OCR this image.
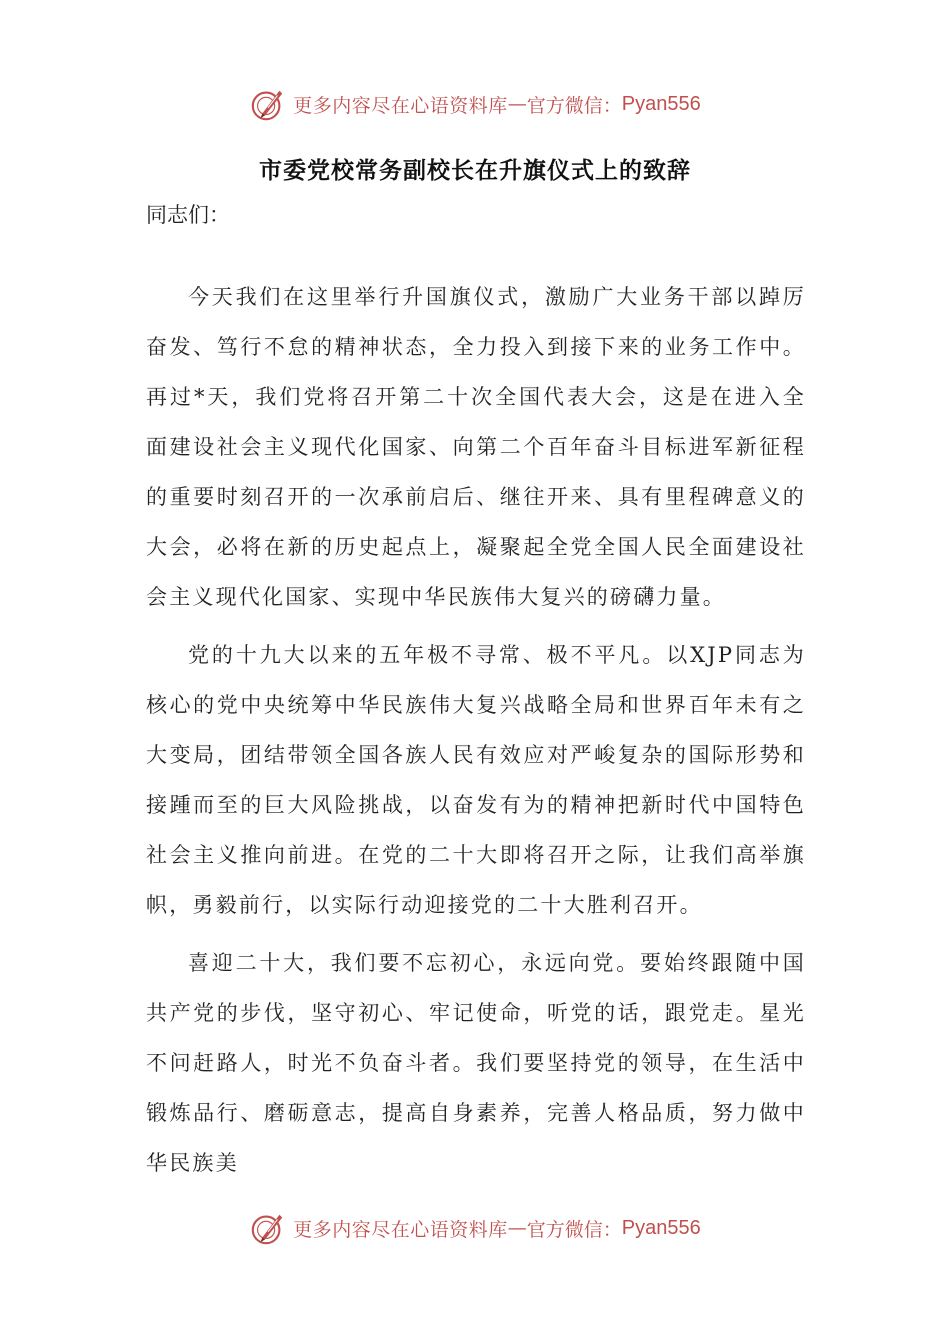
更多内容尽在心语资料库 — 官方微信： Pyan556
市委党校常务副校长在升旗仪式上的致辞
同志们：

今天我们在这里举行升国旗仪式，激励广大业务干部以踔厉奋发、笃行不怠的精神状态，全力投入到接下来的业务工作中。再过*天，我们党将召开第二十次全国代表大会，这是在进入全面建设社会主义现代化国家、向第二个百年奋斗目标进军新征程的重要时刻召开的一次承前启后、继往开来、具有里程碑意义的大会，必将在新的历史起点上，凝聚起全党全国人民全面建设社会主义现代化国家、实现中华民族伟大复兴的磅礴力量。

党的十九大以来的五年极不寻常、极不平凡。以XJP同志为核心的党中央统筹中华民族伟大复兴战略全局和世界百年未有之大变局，团结带领全国各族人民有效应对严峻复杂的国际形势和接踵而至的巨大风险挑战，以奋发有为的精神把新时代中国特色社会主义推向前进。在党的二十大即将召开之际，让我们高举旗帜，勇毅前行，以实际行动迎接党的二十大胜利召开。

喜迎二十大，我们要不忘初心，永远向党。要始终跟随中国共产党的步伐，坚守初心、牢记使命，听党的话，跟党走。星光不问赶路人，时光不负奋斗者。我们要坚持党的领导，在生活中锻炼品行、磨砺意志，提高自身素养，完善人格品质，努力做中华民族美

更多内容尽在心语资料库 — 官方微信： Pyan556
